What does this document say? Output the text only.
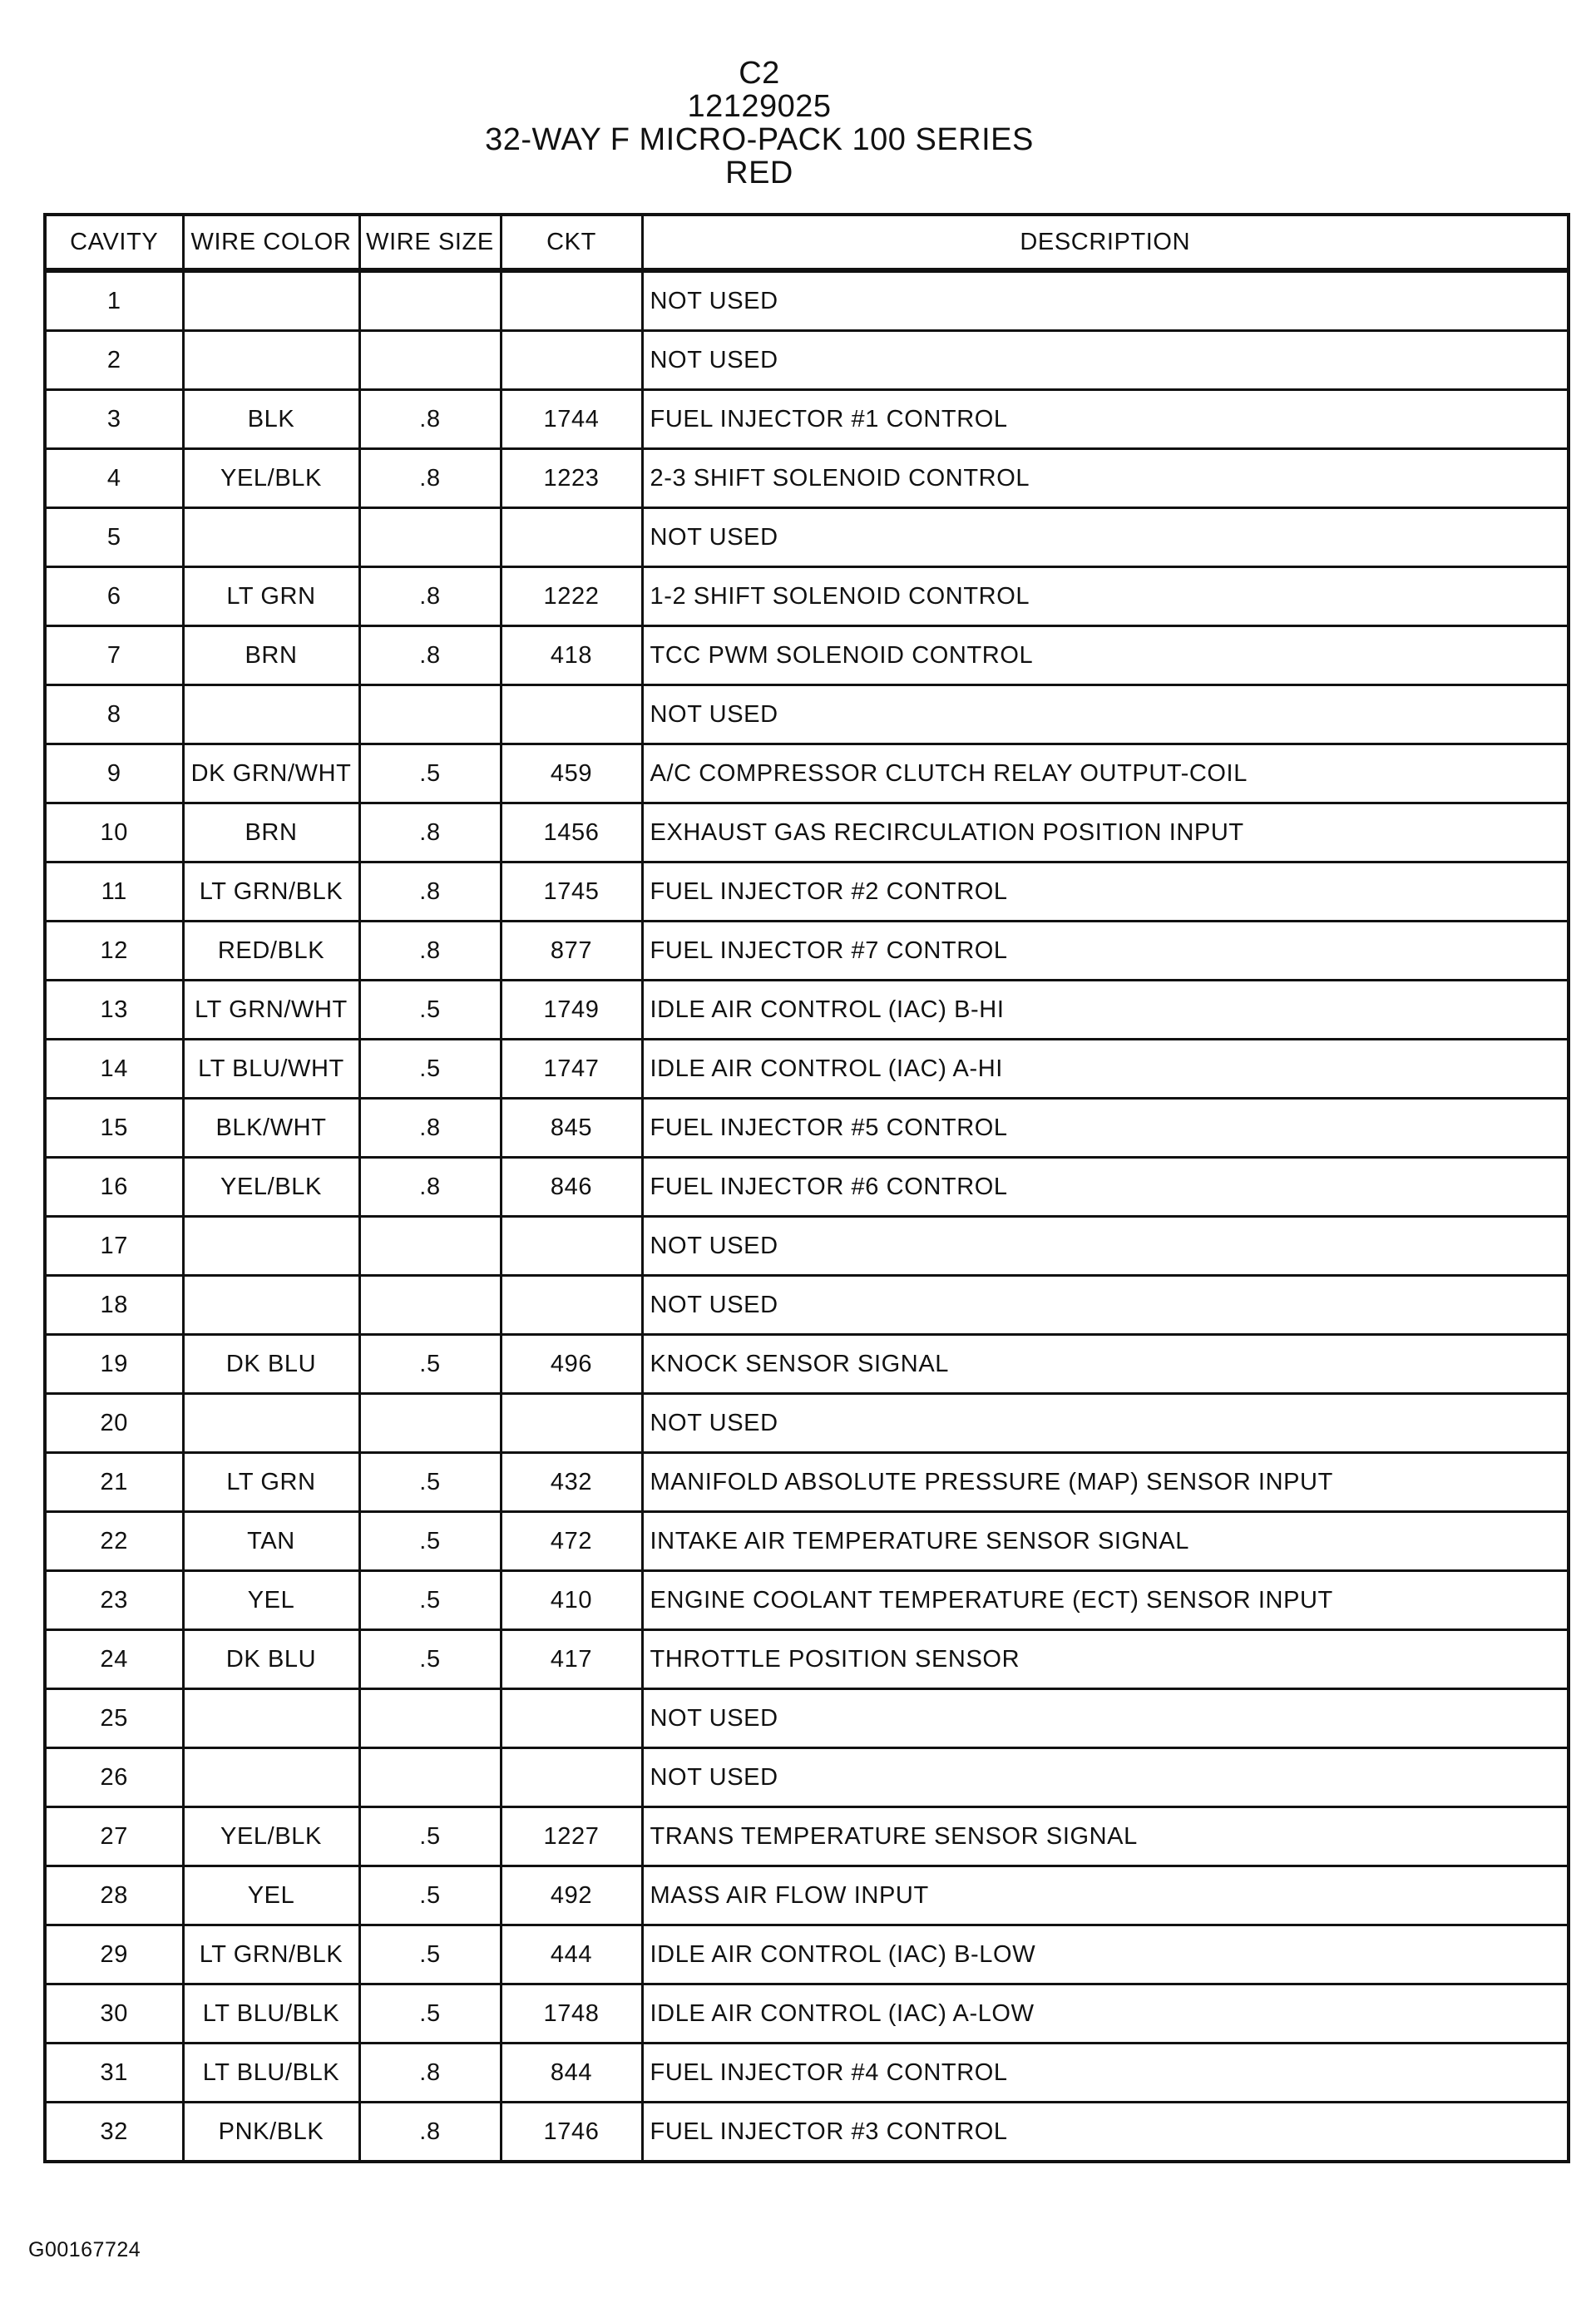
C2
12129025
32-WAY F MICRO-PACK 100 SERIES
RED
CAVITY	WIRE COLOR	WIRE SIZE	CKT	DESCRIPTION
1				NOT USED
2				NOT USED
3	BLK	.8	1744	FUEL INJECTOR #1 CONTROL
4	YEL/BLK	.8	1223	2-3 SHIFT SOLENOID CONTROL
5				NOT USED
6	LT GRN	.8	1222	1-2 SHIFT SOLENOID CONTROL
7	BRN	.8	418	TCC PWM SOLENOID CONTROL
8				NOT USED
9	DK GRN/WHT	.5	459	A/C COMPRESSOR CLUTCH RELAY OUTPUT-COIL
10	BRN	.8	1456	EXHAUST GAS RECIRCULATION POSITION INPUT
11	LT GRN/BLK	.8	1745	FUEL INJECTOR #2 CONTROL
12	RED/BLK	.8	877	FUEL INJECTOR #7 CONTROL
13	LT GRN/WHT	.5	1749	IDLE AIR CONTROL (IAC) B-HI
14	LT BLU/WHT	.5	1747	IDLE AIR CONTROL (IAC) A-HI
15	BLK/WHT	.8	845	FUEL INJECTOR #5 CONTROL
16	YEL/BLK	.8	846	FUEL INJECTOR #6 CONTROL
17				NOT USED
18				NOT USED
19	DK BLU	.5	496	KNOCK SENSOR SIGNAL
20				NOT USED
21	LT GRN	.5	432	MANIFOLD ABSOLUTE PRESSURE (MAP) SENSOR INPUT
22	TAN	.5	472	INTAKE AIR TEMPERATURE SENSOR SIGNAL
23	YEL	.5	410	ENGINE COOLANT TEMPERATURE (ECT) SENSOR INPUT
24	DK BLU	.5	417	THROTTLE POSITION SENSOR
25				NOT USED
26				NOT USED
27	YEL/BLK	.5	1227	TRANS TEMPERATURE SENSOR SIGNAL
28	YEL	.5	492	MASS AIR FLOW INPUT
29	LT GRN/BLK	.5	444	IDLE AIR CONTROL (IAC) B-LOW
30	LT BLU/BLK	.5	1748	IDLE AIR CONTROL (IAC) A-LOW
31	LT BLU/BLK	.8	844	FUEL INJECTOR #4 CONTROL
32	PNK/BLK	.8	1746	FUEL INJECTOR #3 CONTROL
G00167724
